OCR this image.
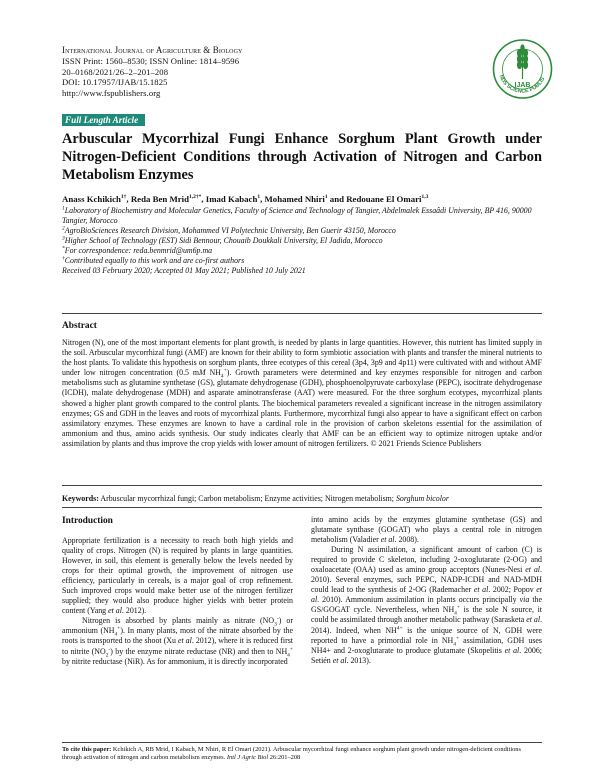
International Journal of Agriculture & Biology
ISSN Print: 1560–8530; ISSN Online: 1814–9596
20–0168/2021/26–2–201–208
DOI: 10.17957/IJAB/15.1825
http://www.fspublishers.org
IJAB
NDS SCIENCE PUBLIS
Full Length Article
Arbuscular Mycorrhizal Fungi Enhance Sorghum Plant Growth under Nitrogen-Deficient Conditions through Activation of Nitrogen and Carbon Metabolism Enzymes
Anass Kchikich$^{1\dagger}$, Reda Ben Mrid$^{1,2\dagger*}$, Imad Kabach$^1$, Mohamed Nhiri$^1$ and Redouane El Omari$^{1,3}$
$^1$Laboratory of Biochemistry and Molecular Genetics, Faculty of Science and Technology of Tangier, Abdelmalek Essaâdi University, BP 416, 90000 Tangier, Morocco
$^2$AgroBioSciences Research Division, Mohammed VI Polytechnic University, Ben Guerir 43150, Morocco
$^3$Higher School of Technology (EST) Sidi Bennour, Chouaib Doukkali University, El Jadida, Morocco
*For correspondence: reda.benmrid@um6p.ma
†Contributed equally to this work and are co-first authors
Received 03 February 2020; Accepted 01 May 2021; Published 10 July 2021
Abstract
Nitrogen (N), one of the most important elements for plant growth, is needed by plants in large quantities. However, this nutrient has limited supply in the soil. Arbuscular mycorrhizal fungi (AMF) are known for their ability to form symbiotic association with plants and transfer the mineral nutrients to the host plants. To validate this hypothesis on sorghum plants, three ecotypes of this cereal (3p4, 3p9 and 4p11) were cultivated with and without AMF under low nitrogen concentration (0.5 mM $NH_4^+$). Growth parameters were determined and key enzymes responsible for nitrogen and carbon metabolisms such as glutamine synthetase (GS), glutamate dehydrogenase (GDH), phosphoenolpyruvate carboxylase (PEPC), isocitrate dehydrogenase (ICDH), malate dehydrogenase (MDH) and asparate aminotransferase (AAT) were measured. For the three sorghum ecotypes, mycorrhizal plants showed a higher plant growth compared to the control plants. The biochemical parameters revealed a significant increase in the nitrogen assimilatory enzymes; GS and GDH in the leaves and roots of mycorrhizal plants. Furthermore, mycorrhizal fungi also appear to have a significant effect on carbon assimilatory enzymes. These enzymes are known to have a cardinal role in the provision of carbon skeletons essential for the assimilation of ammonium and thus, amino acids synthesis. Our study indicates clearly that AMF can be an efficient way to optimize nitrogen uptake and/or assimilation by plants and thus improve the crop yields with lower amount of nitrogen fertilizers. © 2021 Friends Science Publishers
Keywords: Arbuscular mycorrhizal fungi; Carbon metabolism; Enzyme activities; Nitrogen metabolism; Sorghum bicolor
Introduction

Appropriate fertilization is a necessity to reach both high yields and quality of crops. Nitrogen (N) is required by plants in large quantities. However, in soil, this element is generally below the levels needed by crops for their optimal growth, the improvement of nitrogen use efficiency, particularly in cereals, is a major goal of crop refinement. Such improved crops would make better use of the nitrogen fertilizer supplied; they would also produce higher yields with better protein content (Yang et al. 2012).

Nitrogen is absorbed by plants mainly as nitrate $(NO_3^-)$ or ammonium $(NH_4^+)$. In many plants, most of the nitrate absorbed by the roots is transported to the shoot (Xu et al. 2012), where it is reduced first to nitrite $(NO_2^-)$ by the enzyme nitrate reductase (NR) and then to $NH_4^+$ by nitrite reductase (NiR). As for ammonium, it is directly incorporated

into amino acids by the enzymes glutamine synthetase (GS) and glutamate synthase (GOGAT) who plays a central role in nitrogen metabolism (Valadier et al. 2008).

During N assimilation, a significant amount of carbon (C) is required to provide C skeleton, including 2-oxoglutarate (2-OG) and oxaloacetate (OAA) used as amino group acceptors (Nunes-Nesi et al. 2010). Several enzymes, such PEPC, NADP-ICDH and NAD-MDH could lead to the synthesis of 2-OG (Rademacher et al. 2002; Popov et al. 2010). Ammonium assimilation in plants occurs principally via the GS/GOGAT cycle. Nevertheless, when $NH_4^+$ is the sole N source, it could be assimilated through another metabolic pathway (Sarasketa et al. 2014). Indeed, when $NH^{4+}$ is the unique source of N, GDH were reported to have a primordial role in $NH_4^+$ assimilation, GDH uses NH4+ and 2-oxoglutarate to produce glutamate (Skopelitis et al. 2006; Setién et al. 2013).

To cite this paper: Kchikich A, RB Mrid, I Kabach, M Nhiri, R El Omari (2021). Arbuscular mycorrhizal fungi enhance sorghum plant growth under nitrogen-deficient conditions through activation of nitrogen and carbon metabolism enzymes. Intl J Agric Biol 26:201‒208
